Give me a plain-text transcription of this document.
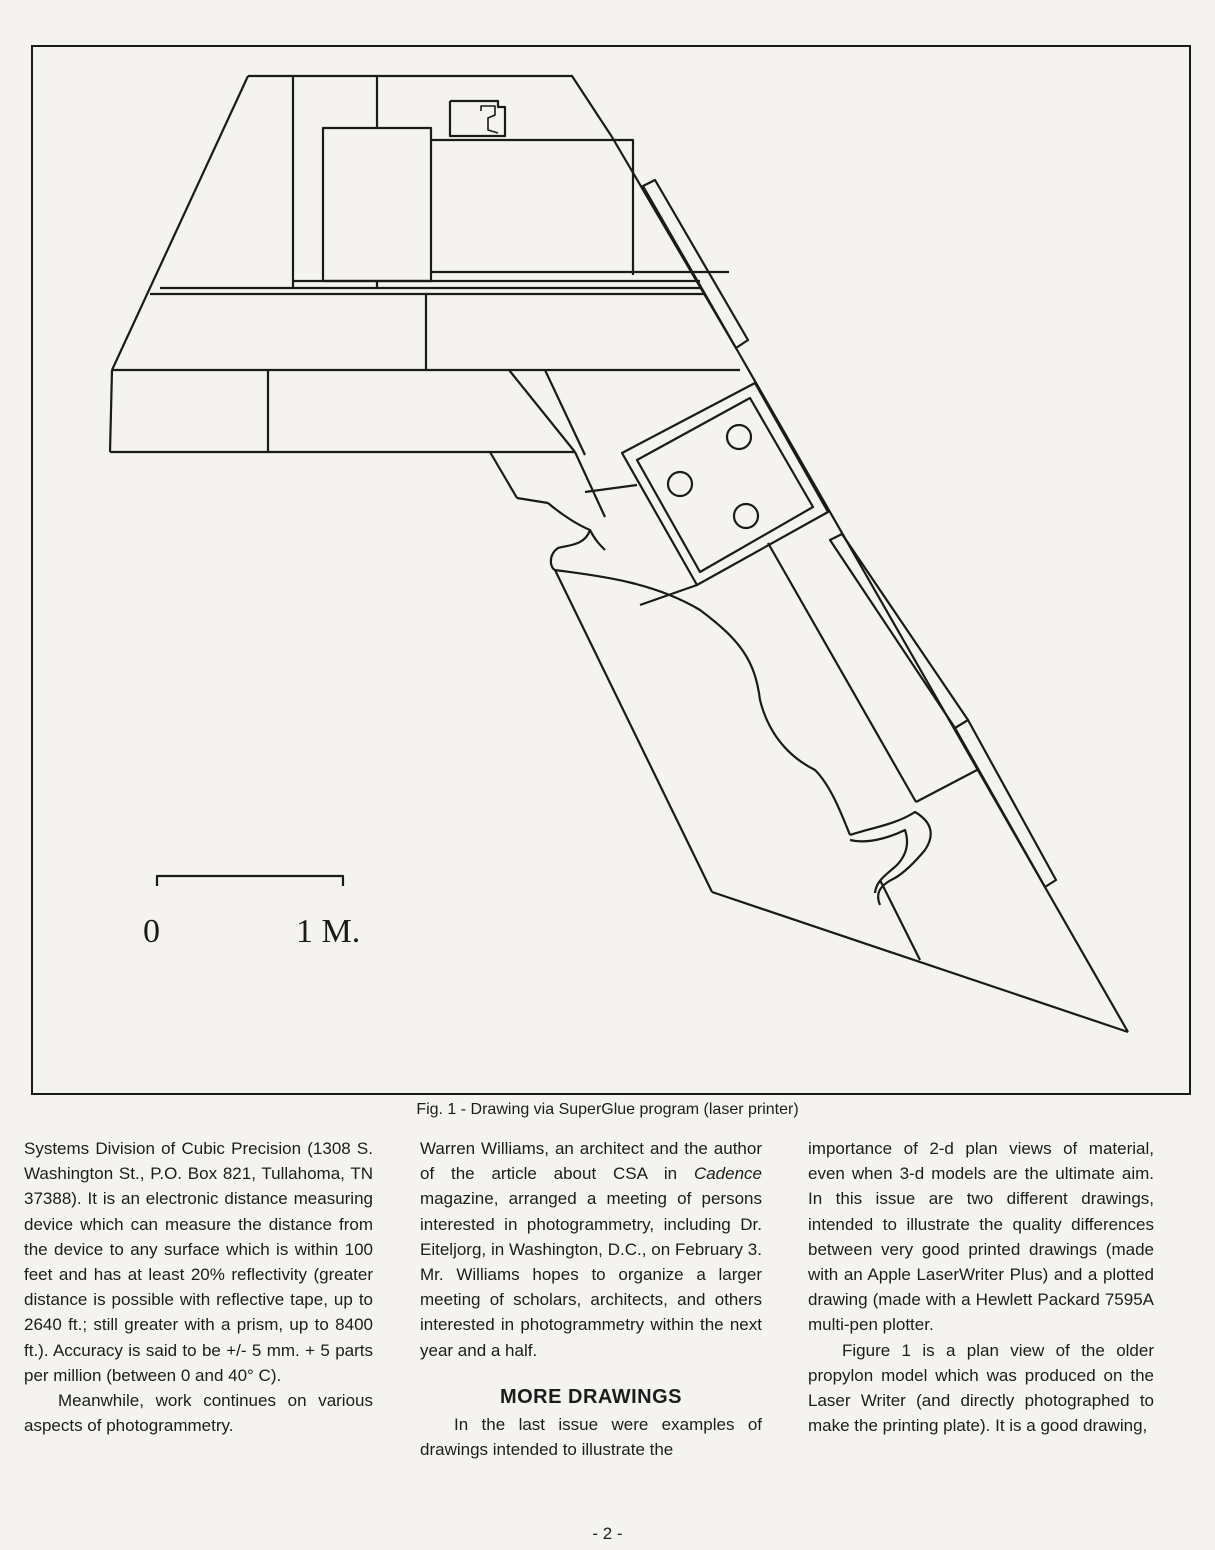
0	1 M.
Fig. 1 - Drawing via SuperGlue program (laser printer)

Systems Division of Cubic Precision (1308 S. Washington St., P.O. Box 821, Tullahoma, TN 37388). It is an electronic distance measuring device which can measure the distance from the device to any surface which is within 100 feet and has at least 20% reflectivity (greater distance is possible with reflective tape, up to 2640 ft.; still greater with a prism, up to 8400 ft.). Accuracy is said to be +/- 5 mm. + 5 parts per million (between 0 and 40° C).

Meanwhile, work continues on various aspects of photogrammetry.

Warren Williams, an architect and the author of the article about CSA in Cadence magazine, arranged a meeting of persons interested in photogrammetry, including Dr. Eiteljorg, in Washington, D.C., on February 3. Mr. Williams hopes to organize a larger meeting of scholars, architects, and others interested in photogrammetry within the next year and a half.

MORE DRAWINGS

In the last issue were examples of drawings intended to illustrate the

importance of 2-d plan views of material, even when 3-d models are the ultimate aim. In this issue are two different drawings, intended to illustrate the quality differences between very good printed drawings (made with an Apple LaserWriter Plus) and a plotted drawing (made with a Hewlett Packard 7595A multi-pen plotter.

Figure 1 is a plan view of the older propylon model which was produced on the Laser Writer (and directly photographed to make the printing plate). It is a good drawing,

- 2 -
